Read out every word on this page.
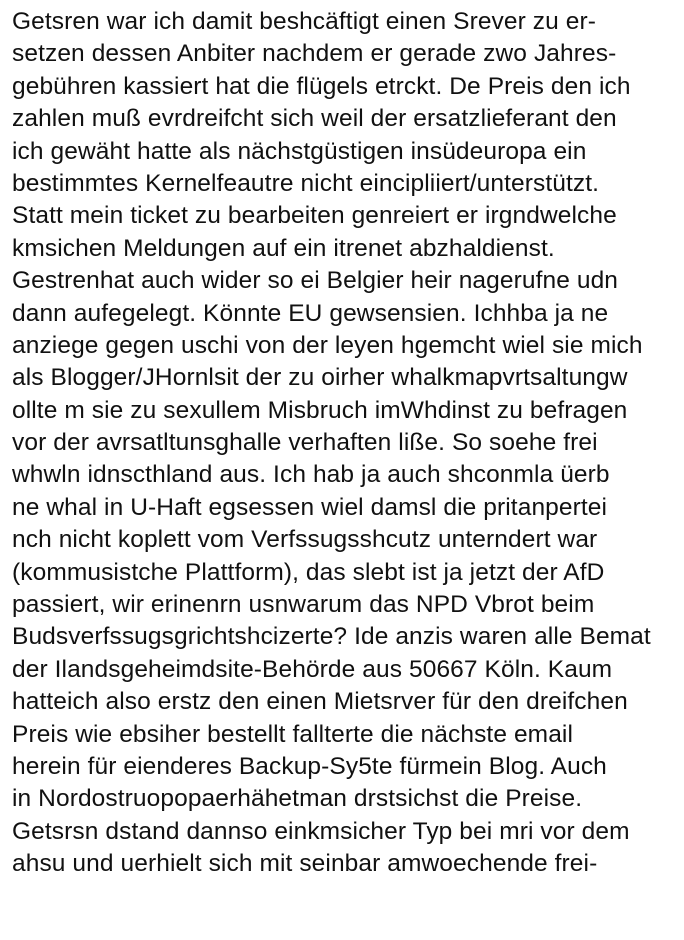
Getsren war ich damit beshcäftigt einen Srever zu er-
setzen dessen Anbiter nachdem er gerade zwo Jahres-
gebühren kassiert hat die flügels etrckt. De Preis den ich
zahlen muß evrdreifcht sich weil der ersatzlieferant den
ich gewäht hatte als nächstgüstigen insüdeuropa ein
bestimmtes Kernelfeautre nicht eincipliiert/unterstützt.
Statt mein ticket zu bearbeiten genreiert er irgndwelche
kmsichen Meldungen auf ein itrenet abzhaldienst.
Gestrenhat auch wider so ei Belgier heir nagerufne udn
dann aufegelegt. Könnte EU gewsensien. Ichhba ja ne
anziege gegen uschi von der leyen hgemcht wiel sie mich
als Blogger/JHornlsit der zu oirher whalkmapvrtsaltungw
ollte m sie zu sexullem Misbruch imWhdinst zu befragen
vor der avrsatltunsghalle verhaften liße. So soehe frei
whwln idnscthland aus. Ich hab ja auch shconmla üerb
ne whal in U-Haft egsessen wiel damsl die pritanpertei
nch nicht koplett vom Verfssugsshcutz unterndert war
(kommusistche Plattform), das slebt ist ja jetzt der AfD
passiert, wir erinenrn usnwarum das NPD Vbrot beim
Budsverfssugsgrichtshcizerte? Ide anzis waren alle Bemat
der Ilandsgeheimdsite-Behörde aus 50667 Köln. Kaum
hatteich also erstz den einen Mietsrver für den dreifchen
Preis wie ebsiher bestellt fallterte die nächste email
herein für eienderes Backup-Sy5te fürmein Blog. Auch
in Nordostruopopaerhähetman drstsichst die Preise.
Getsrsn dstand dannso einkmsicher Typ bei mri vor dem
ahsu und uerhielt sich mit seinbar amwoechende frei-
